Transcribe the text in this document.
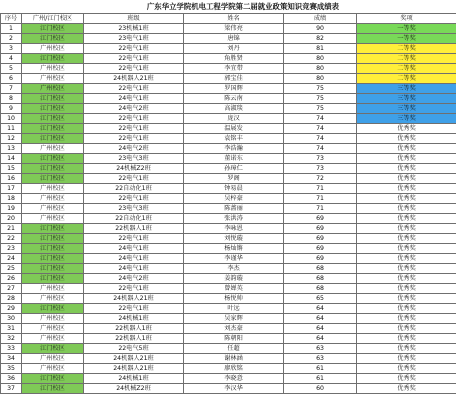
广东华立学院机电工程学院第二届就业政策知识竞赛成绩表
序号	广州/江门校区	班级	姓名	成绩	奖项
1	江门校区	23机械1班	梁伟亮	90	一等奖
2	江门校区	23电气1班	唐锦	82	一等奖
3	广州校区	22电气1班	刘丹	81	二等奖
4	江门校区	22电气1班	角胜贤	80	二等奖
5	广州校区	22电气1班	李宜带	80	二等奖
6	广州校区	24机器人21班	郭宝佳	80	二等奖
7	广州校区	22电气1班	罗国辉	75	三等奖
8	江门校区	24电气1班	陈云南	75	三等奖
9	江门校区	24电气2班	高淑琰	75	三等奖
10	江门校区	22电气1班	庞汉	74	三等奖
11	江门校区	22电气1班	温展发	74	优秀奖
12	江门校区	22电气1班	袁铭丰	74	优秀奖
13	广州校区	24电气2班	李浩瀚	74	优秀奖
14	江门校区	23电气3班	董诺东	73	优秀奖
15	江门校区	24机械Z2班	孙璋仁	73	优秀奖
16	江门校区	22电气1班	罗阁	72	优秀奖
17	广州校区	22自动化1班	钟易晨	71	优秀奖
18	广州校区	22电气1班	吴梓豪	71	优秀奖
19	广州校区	23电气3班	陈蔷丽	71	优秀奖
20	广州校区	22自动化1班	张洪涛	69	优秀奖
21	江门校区	22机器人1班	李咏恩	69	优秀奖
22	江门校区	22电气1班	刘悦璇	69	优秀奖
23	江门校区	24电气1班	杨灿锵	69	优秀奖
24	江门校区	24电气1班	李谨华	69	优秀奖
25	江门校区	24电气1班	李杰	68	优秀奖
26	江门校区	24电气2班	姜韵璇	68	优秀奖
27	广州校区	22电气1班	曾婵英	68	优秀奖
28	广州校区	24机器人21班	杨悦帅	65	优秀奖
29	江门校区	22电气1班	叶远	64	优秀奖
30	广州校区	24机械1班	吴家辉	64	优秀奖
31	广州校区	22机器人1班	刘杰豪	64	优秀奖
32	广州校区	22机器人1班	陈朝阳	64	优秀奖
33	江门校区	22电气5班	任超	63	优秀奖
34	广州校区	24机器人21班	谢林涵	63	优秀奖
35	广州校区	24机器人21班	廖欣铭	61	优秀奖
36	江门校区	24机械1班	李晓意	61	优秀奖
37	江门校区	24机械Z2班	李汉华	60	优秀奖
